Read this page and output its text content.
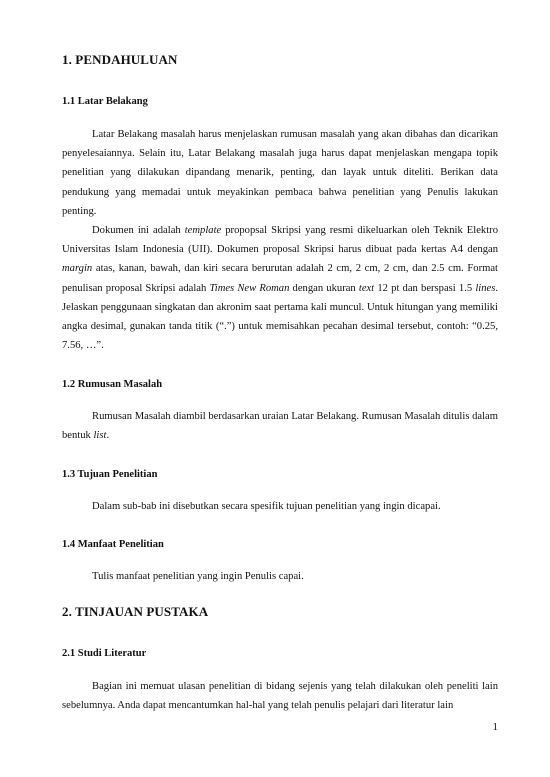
1. PENDAHULUAN
1.1 Latar Belakang

Latar Belakang masalah harus menjelaskan rumusan masalah yang akan dibahas dan dicarikan penyelesaiannya. Selain itu, Latar Belakang masalah juga harus dapat menjelaskan mengapa topik penelitian yang dilakukan dipandang menarik, penting, dan layak untuk diteliti. Berikan data pendukung yang memadai untuk meyakinkan pembaca bahwa penelitian yang Penulis lakukan penting.

Dokumen ini adalah template propopsal Skripsi yang resmi dikeluarkan oleh Teknik Elektro Universitas Islam Indonesia (UII). Dokumen proposal Skripsi harus dibuat pada kertas A4 dengan margin atas, kanan, bawah, dan kiri secara berurutan adalah 2 cm, 2 cm, 2 cm, dan 2.5 cm. Format penulisan proposal Skripsi adalah Times New Roman dengan ukuran text 12 pt dan berspasi 1.5 lines. Jelaskan penggunaan singkatan dan akronim saat pertama kali muncul. Untuk hitungan yang memiliki angka desimal, gunakan tanda titik (“.”) untuk memisahkan pecahan desimal tersebut, contoh: “0.25, 7.56, …”.

1.2 Rumusan Masalah

Rumusan Masalah diambil berdasarkan uraian Latar Belakang. Rumusan Masalah ditulis dalam bentuk list.

1.3 Tujuan Penelitian

Dalam sub-bab ini disebutkan secara spesifik tujuan penelitian yang ingin dicapai.

1.4 Manfaat Penelitian

Tulis manfaat penelitian yang ingin Penulis capai.

2. TINJAUAN PUSTAKA
2.1 Studi Literatur

Bagian ini memuat ulasan penelitian di bidang sejenis yang telah dilakukan oleh peneliti lain sebelumnya. Anda dapat mencantumkan hal-hal yang telah penulis pelajari dari literatur lain

1
